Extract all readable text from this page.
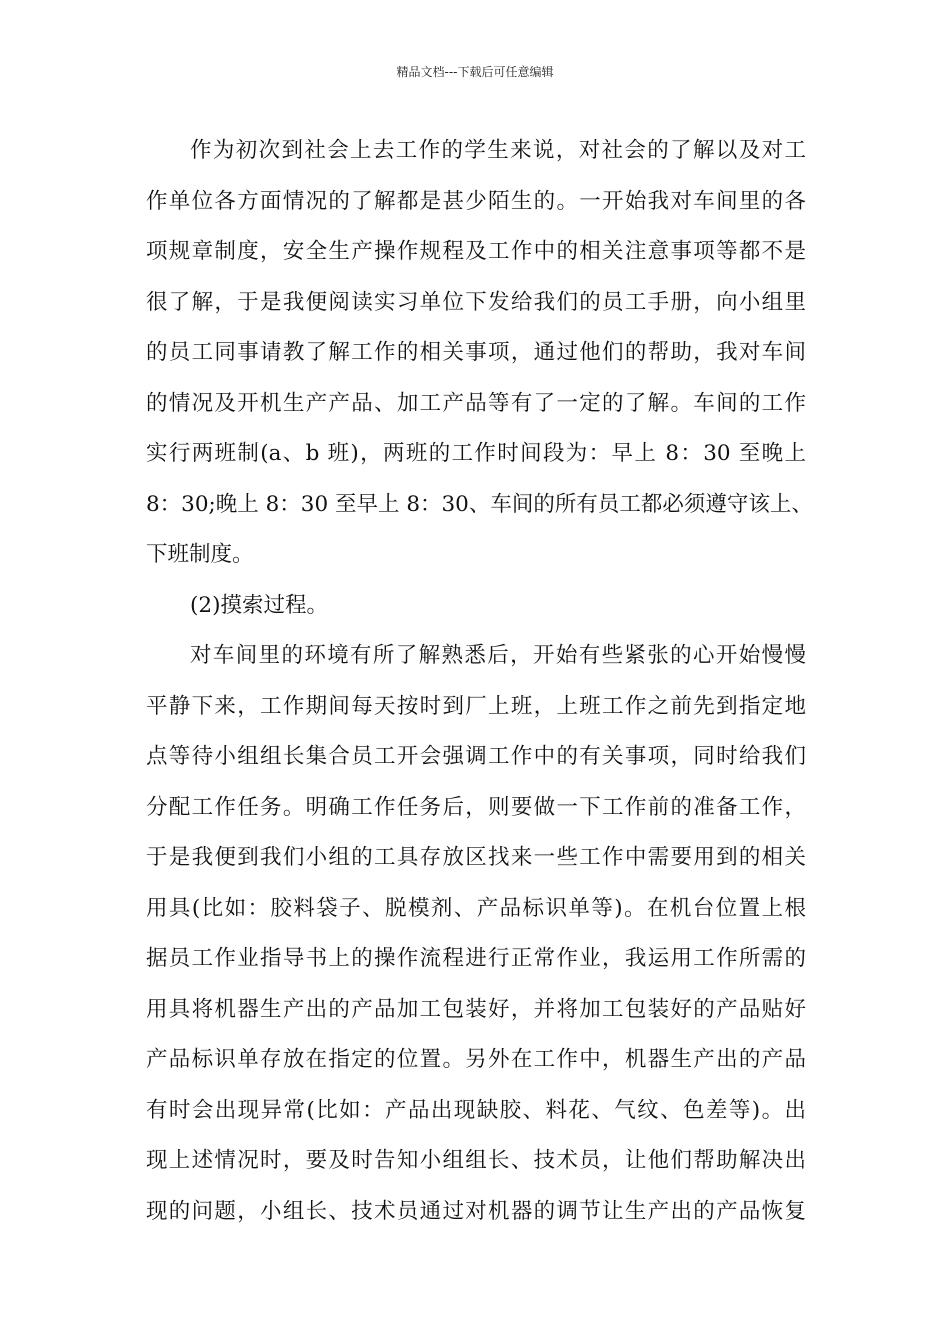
精品文档---下载后可任意编辑
作为初次到社会上去工作的学生来说，对社会的了解以及对工
作单位各方面情况的了解都是甚少陌生的。一开始我对车间里的各
项规章制度，安全生产操作规程及工作中的相关注意事项等都不是
很了解，于是我便阅读实习单位下发给我们的员工手册，向小组里
的员工同事请教了解工作的相关事项，通过他们的帮助，我对车间
的情况及开机生产产品、加工产品等有了一定的了解。车间的工作
实行两班制(a、b 班)，两班的工作时间段为：早上 8：30 至晚上
8：30;晚上 8：30 至早上 8：30、车间的所有员工都必须遵守该上、
下班制度。
(2)摸索过程。
对车间里的环境有所了解熟悉后，开始有些紧张的心开始慢慢
平静下来，工作期间每天按时到厂上班，上班工作之前先到指定地
点等待小组组长集合员工开会强调工作中的有关事项，同时给我们
分配工作任务。明确工作任务后，则要做一下工作前的准备工作，
于是我便到我们小组的工具存放区找来一些工作中需要用到的相关
用具(比如：胶料袋子、脱模剂、产品标识单等)。在机台位置上根
据员工作业指导书上的操作流程进行正常作业，我运用工作所需的
用具将机器生产出的产品加工包装好，并将加工包装好的产品贴好
产品标识单存放在指定的位置。另外在工作中，机器生产出的产品
有时会出现异常(比如：产品出现缺胶、料花、气纹、色差等)。出
现上述情况时，要及时告知小组组长、技术员，让他们帮助解决出
现的问题，小组长、技术员通过对机器的调节让生产出的产品恢复
